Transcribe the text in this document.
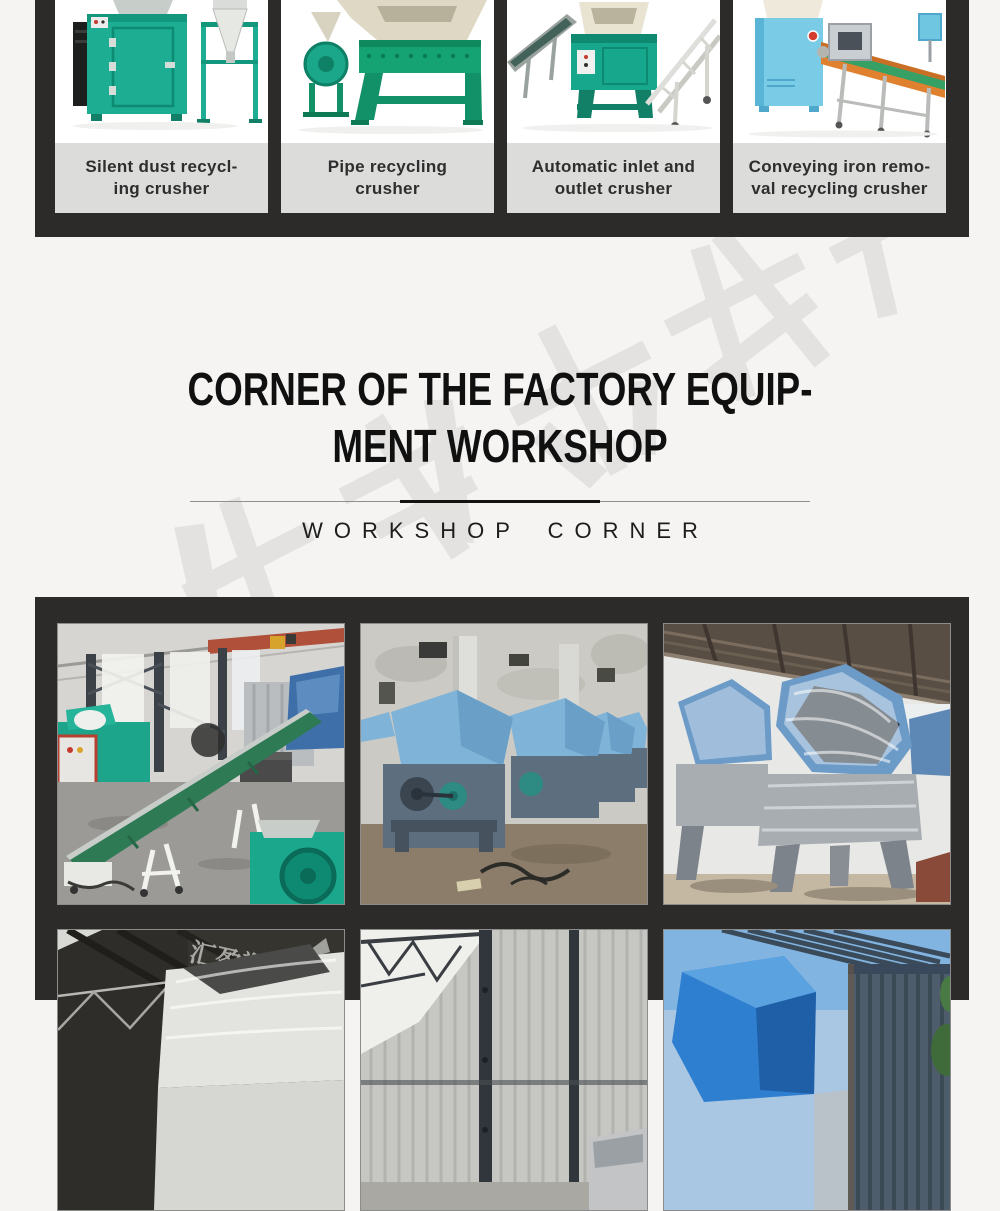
Silent dust recycl-
ing crusher
Pipe recycling
crusher
Automatic inlet and
outlet crusher
Conveying iron remo-
val recycling crusher
CORNER OF THE FACTORY EQUIP-
MENT WORKSHOP
WORKSHOP CORNER
